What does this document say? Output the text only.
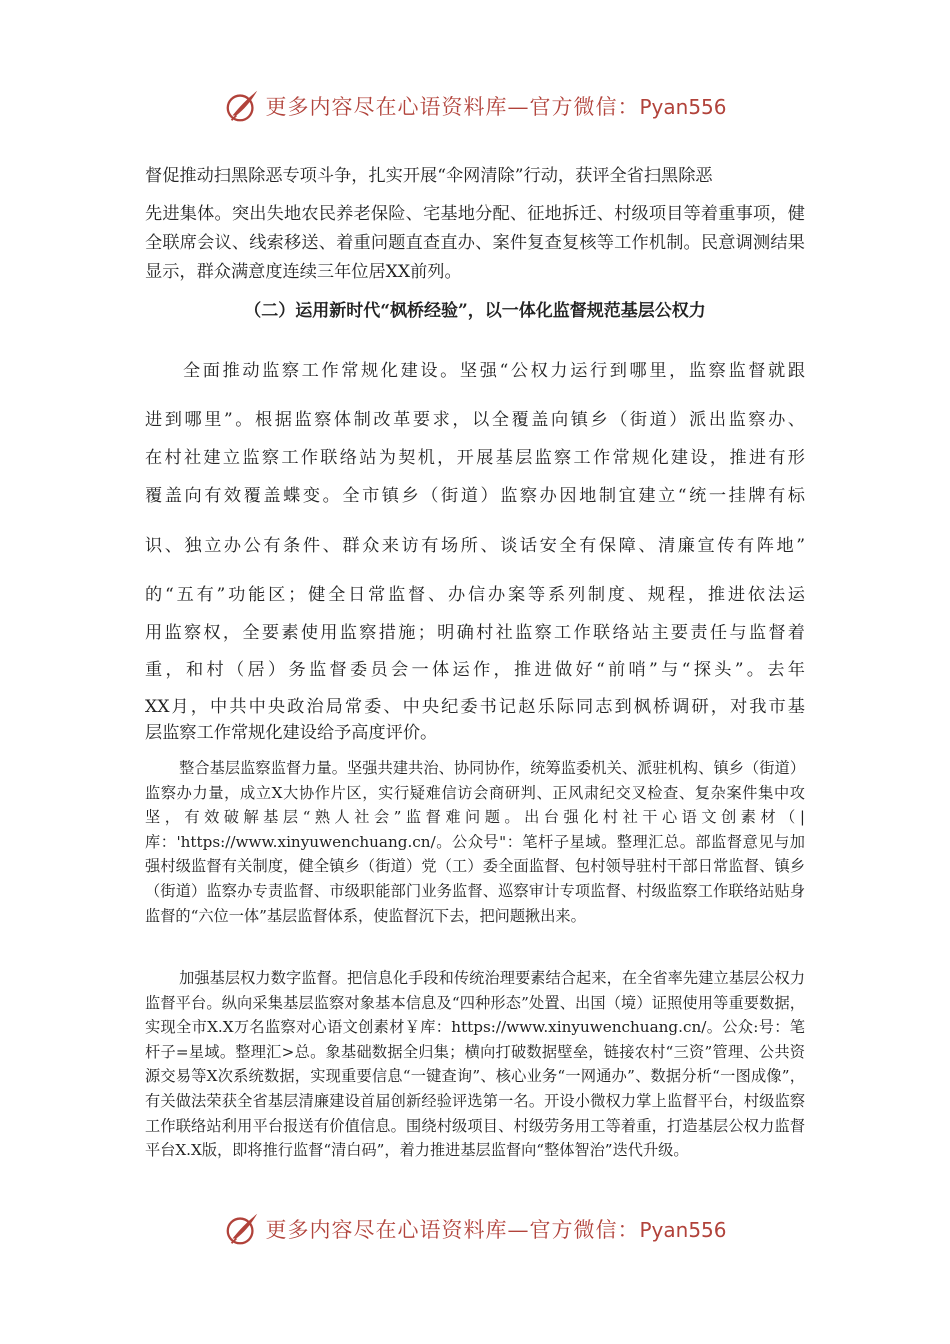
更多内容尽在心语资料库—官方微信：Pyan556

督促推动扫黑除恶专项斗争，扎实开展“伞网清除”行动，获评全省扫黑除恶

先进集体。突出失地农民养老保险、宅基地分配、征地拆迁、村级项目等着重事项，健全联席会议、线索移送、着重问题直查直办、案件复查复核等工作机制。民意调测结果显示，群众满意度连续三年位居XX前列。

（二）运用新时代“枫桥经验”，以一体化监督规范基层公权力
全面推动监察工作常规化建设。坚强“公权力运行到哪里，监察监督就跟
进到哪里”。根据监察体制改革要求，以全覆盖向镇乡（街道）派出监察办、
在村社建立监察工作联络站为契机，开展基层监察工作常规化建设，推进有形
覆盖向有效覆盖蝶变。全市镇乡（街道）监察办因地制宜建立“统一挂牌有标
识、独立办公有条件、群众来访有场所、谈话安全有保障、清廉宣传有阵地”
的“五有”功能区；健全日常监督、办信办案等系列制度、规程，推进依法运
用监察权，全要素使用监察措施；明确村社监察工作联络站主要责任与监督着
重，和村（居）务监督委员会一体运作，推进做好“前哨”与“探头”。去年
XX月，中共中央政治局常委、中央纪委书记赵乐际同志到枫桥调研，对我市基
层监察工作常规化建设给予高度评价。

整合基层监察监督力量。坚强共建共治、协同协作，统筹监委机关、派驻机构、镇乡（街道）监察办力量，成立X大协作片区，实行疑难信访会商研判、正风肃纪交叉检查、复杂案件集中攻坚，有效破解基层“熟人社会”监督难问题。出台强化村社干心语文创素材（|库：'https://www.xinyuwenchuang.cn/。公众号"：笔杆子星域。整理汇总。部监督意见与加强村级监督有关制度，健全镇乡（街道）党（工）委全面监督、包村领导驻村干部日常监督、镇乡（街道）监察办专责监督、市级职能部门业务监督、巡察审计专项监督、村级监察工作联络站贴身监督的“六位一体”基层监督体系，使监督沉下去，把问题揪出来。

加强基层权力数字监督。把信息化手段和传统治理要素结合起来，在全省率先建立基层公权力监督平台。纵向采集基层监察对象基本信息及“四种形态”处置、出国（境）证照使用等重要数据，实现全市X.X万名监察对心语文创素材￥库：https://www.xinyuwenchuang.cn/。公众:号：笔杆子=星域。整理汇>总。象基础数据全归集；横向打破数据壁垒，链接农村“三资”管理、公共资源交易等X次系统数据，实现重要信息“一键查询”、核心业务“一网通办”、数据分析“一图成像”，有关做法荣获全省基层清廉建设首届创新经验评选第一名。开设小微权力掌上监督平台，村级监察工作联络站利用平台报送有价值信息。围绕村级项目、村级劳务用工等着重，打造基层公权力监督平台X.X版，即将推行监督“清白码”，着力推进基层监督向“整体智治”迭代升级。

更多内容尽在心语资料库—官方微信：Pyan556
